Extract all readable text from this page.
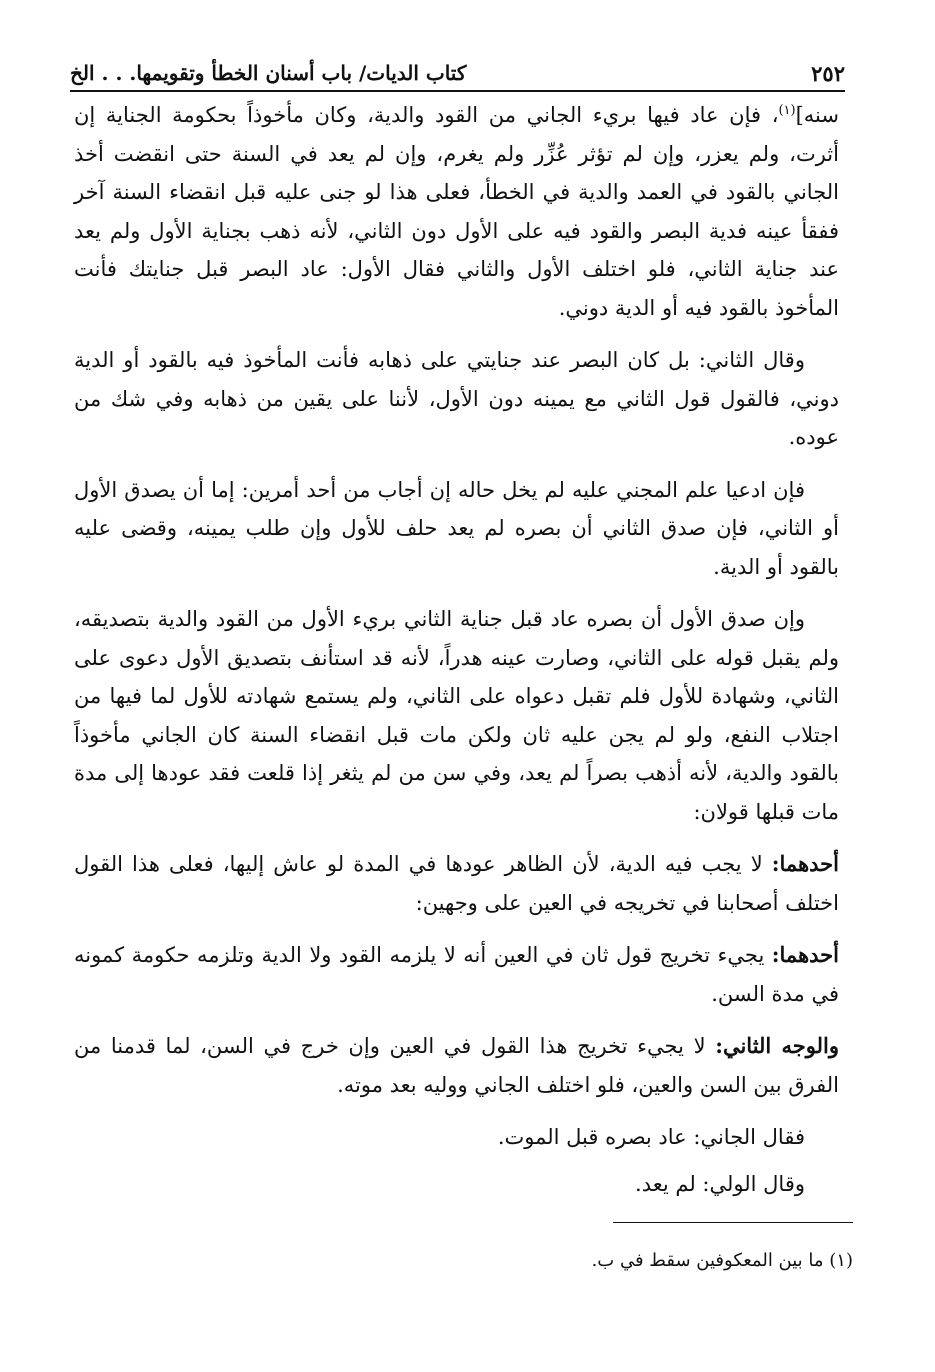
٢٥٢
كتاب الديات/ باب أسنان الخطأ وتقويمها. . . الخ

سنه]$^{(١)}$، فإن عاد فيها بريء الجاني من القود والدية، وكان مأخوذاً بحكومة الجناية إن أثرت، ولم يعزر، وإن لم تؤثر عُزِّر ولم يغرم، وإن لم يعد في السنة حتى انقضت أخذ الجاني بالقود في العمد والدية في الخطأ، فعلى هذا لو جنى عليه قبل انقضاء السنة آخر ففقأ عينه فدية البصر والقود فيه على الأول دون الثاني، لأنه ذهب بجناية الأول ولم يعد عند جناية الثاني، فلو اختلف الأول والثاني فقال الأول: عاد البصر قبل جنايتك فأنت المأخوذ بالقود فيه أو الدية دوني.

وقال الثاني: بل كان البصر عند جنايتي على ذهابه فأنت المأخوذ فيه بالقود أو الدية دوني، فالقول قول الثاني مع يمينه دون الأول، لأننا على يقين من ذهابه وفي شك من عوده.

فإن ادعيا علم المجني عليه لم يخل حاله إن أجاب من أحد أمرين: إما أن يصدق الأول أو الثاني، فإن صدق الثاني أن بصره لم يعد حلف للأول وإن طلب يمينه، وقضى عليه بالقود أو الدية.

وإن صدق الأول أن بصره عاد قبل جناية الثاني بريء الأول من القود والدية بتصديقه، ولم يقبل قوله على الثاني، وصارت عينه هدراً، لأنه قد استأنف بتصديق الأول دعوى على الثاني، وشهادة للأول فلم تقبل دعواه على الثاني، ولم يستمع شهادته للأول لما فيها من اجتلاب النفع، ولو لم يجن عليه ثان ولكن مات قبل انقضاء السنة كان الجاني مأخوذاً بالقود والدية، لأنه أذهب بصراً لم يعد، وفي سن من لم يثغر إذا قلعت فقد عودها إلى مدة مات قبلها قولان:

أحدهما: لا يجب فيه الدية، لأن الظاهر عودها في المدة لو عاش إليها، فعلى هذا القول اختلف أصحابنا في تخريجه في العين على وجهين:

أحدهما: يجيء تخريج قول ثان في العين أنه لا يلزمه القود ولا الدية وتلزمه حكومة كمونه في مدة السن.

والوجه الثاني: لا يجيء تخريج هذا القول في العين وإن خرج في السن، لما قدمنا من الفرق بين السن والعين، فلو اختلف الجاني ووليه بعد موته.

فقال الجاني: عاد بصره قبل الموت.

وقال الولي: لم يعد.

(١) ما بين المعكوفين سقط في ب.
